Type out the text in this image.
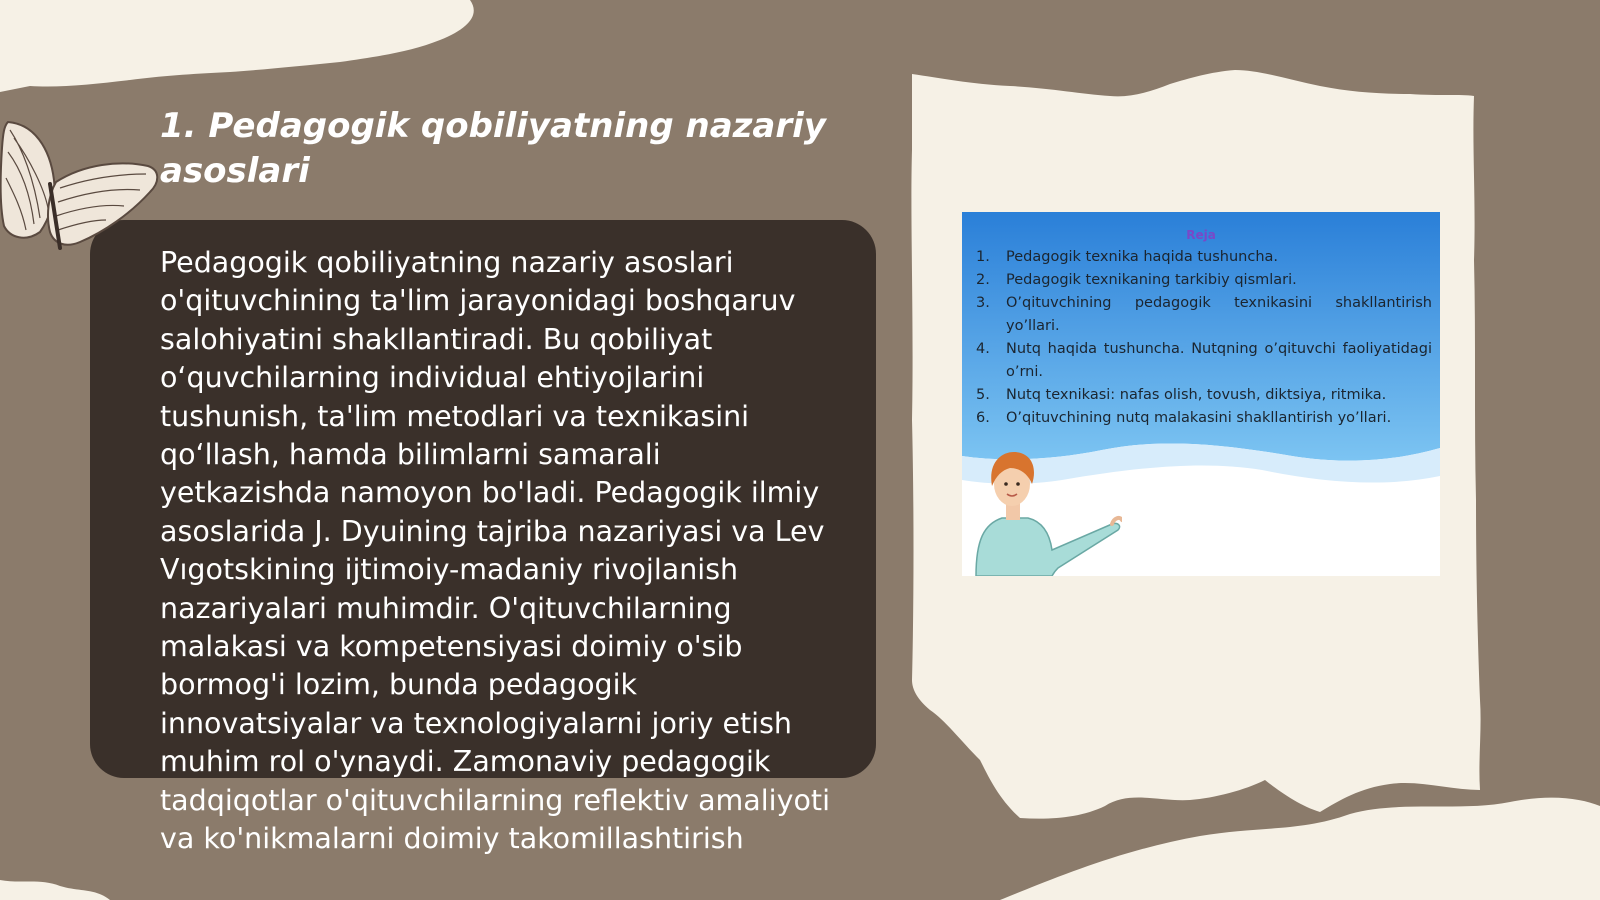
1. Pedagogik qobiliyatning nazariy asoslari

Pedagogik qobiliyatning nazariy asoslari o'qituvchining ta'lim jarayonidagi boshqaruv salohiyatini shakllantiradi. Bu qobiliyat oʻquvchilarning individual ehtiyojlarini tushunish, ta'lim metodlari va texnikasini qo‘llash, hamda bilimlarni samarali yetkazishda namoyon bo'ladi. Pedagogik ilmiy asoslarida J. Dyuining tajriba nazariyasi va Lev Vıgotskining ijtimoiy-madaniy rivojlanish nazariyalari muhimdir. O'qituvchilarning malakasi va kompetensiyasi doimiy o'sib bormog'i lozim, bunda pedagogik innovatsiyalar va texnologiyalarni joriy etish muhim rol o'ynaydi. Zamonaviy pedagogik tadqiqotlar o'qituvchilarning reflektiv amaliyoti va ko'nikmalarni doimiy takomillashtirish

Reja
1.	Pedagogik texnika haqida tushuncha.
2.	Pedagogik texnikaning tarkibiy qismlari.
3.	O’qituvchining pedagogik texnikasini shakllantirish yo’llari.
4.	Nutq haqida tushuncha. Nutqning o’qituvchi faoliyatidagi o’rni.
5.	Nutq texnikasi: nafas olish, tovush, diktsiya, ritmika.
6.	O’qituvchining nutq malakasini shakllantirish yo’llari.
